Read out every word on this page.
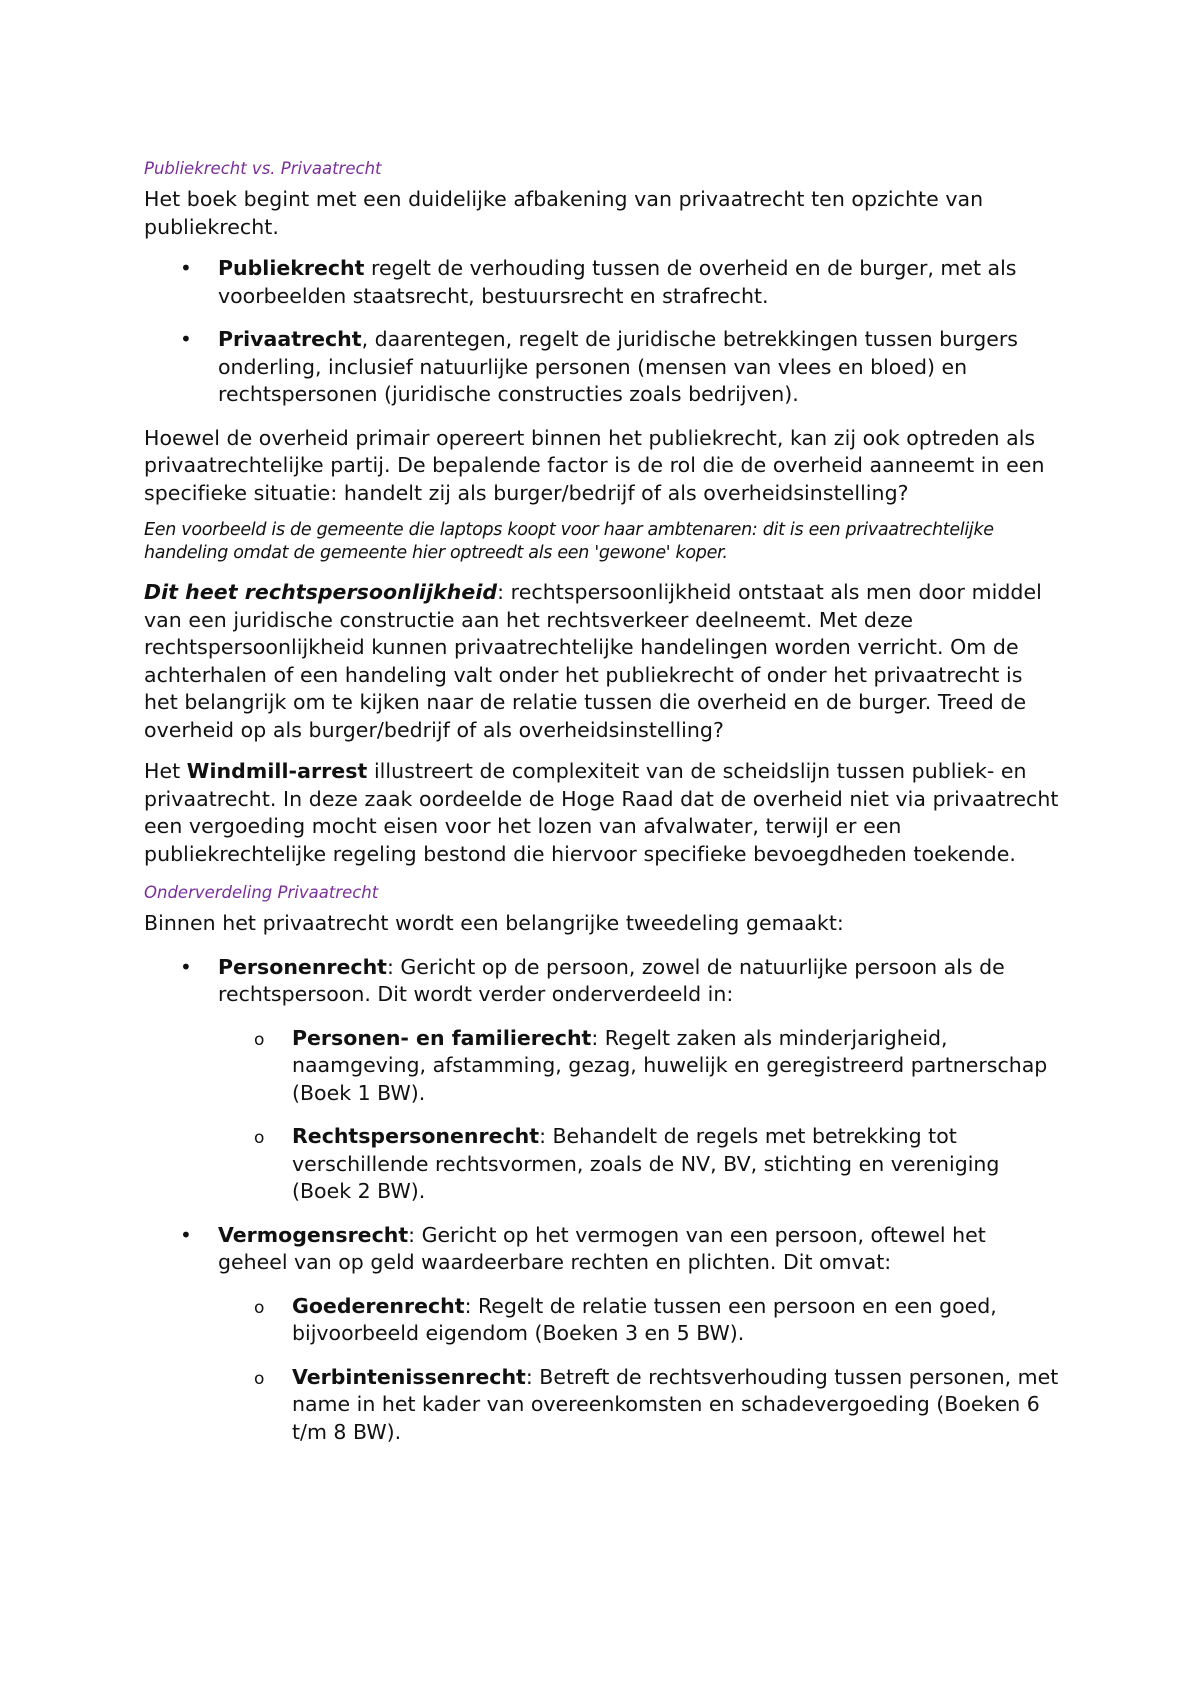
Publiekrecht vs. Privaatrecht

Het boek begint met een duidelijke afbakening van privaatrecht ten opzichte van publiekrecht.

• Publiekrecht regelt de verhouding tussen de overheid en de burger, met als voorbeelden staatsrecht, bestuursrecht en strafrecht.
• Privaatrecht, daarentegen, regelt de juridische betrekkingen tussen burgers onderling, inclusief natuurlijke personen (mensen van vlees en bloed) en rechtspersonen (juridische constructies zoals bedrijven).

Hoewel de overheid primair opereert binnen het publiekrecht, kan zij ook optreden als privaatrechtelijke partij. De bepalende factor is de rol die de overheid aanneemt in een specifieke situatie: handelt zij als burger/bedrijf of als overheidsinstelling?

Een voorbeeld is de gemeente die laptops koopt voor haar ambtenaren: dit is een privaatrechtelijke handeling omdat de gemeente hier optreedt als een 'gewone' koper.

Dit heet rechtspersoonlijkheid: rechtspersoonlijkheid ontstaat als men door middel van een juridische constructie aan het rechtsverkeer deelneemt. Met deze rechtspersoonlijkheid kunnen privaatrechtelijke handelingen worden verricht. Om de achterhalen of een handeling valt onder het publiekrecht of onder het privaatrecht is het belangrijk om te kijken naar de relatie tussen die overheid en de burger. Treed de overheid op als burger/bedrijf of als overheidsinstelling?

Het Windmill-arrest illustreert de complexiteit van de scheidslijn tussen publiek- en privaatrecht. In deze zaak oordeelde de Hoge Raad dat de overheid niet via privaatrecht een vergoeding mocht eisen voor het lozen van afvalwater, terwijl er een publiekrechtelijke regeling bestond die hiervoor specifieke bevoegdheden toekende.

Onderverdeling Privaatrecht

Binnen het privaatrecht wordt een belangrijke tweedeling gemaakt:

• Personenrecht: Gericht op de persoon, zowel de natuurlijke persoon als de rechtspersoon. Dit wordt verder onderverdeeld in:
o Personen- en familierecht: Regelt zaken als minderjarigheid, naamgeving, afstamming, gezag, huwelijk en geregistreerd partnerschap (Boek 1 BW).
o Rechtspersonenrecht: Behandelt de regels met betrekking tot verschillende rechtsvormen, zoals de NV, BV, stichting en vereniging (Boek 2 BW).
• Vermogensrecht: Gericht op het vermogen van een persoon, oftewel het geheel van op geld waardeerbare rechten en plichten. Dit omvat:
o Goederenrecht: Regelt de relatie tussen een persoon en een goed, bijvoorbeeld eigendom (Boeken 3 en 5 BW).
o Verbintenissenrecht: Betreft de rechtsverhouding tussen personen, met name in het kader van overeenkomsten en schadevergoeding (Boeken 6 t/m 8 BW).
